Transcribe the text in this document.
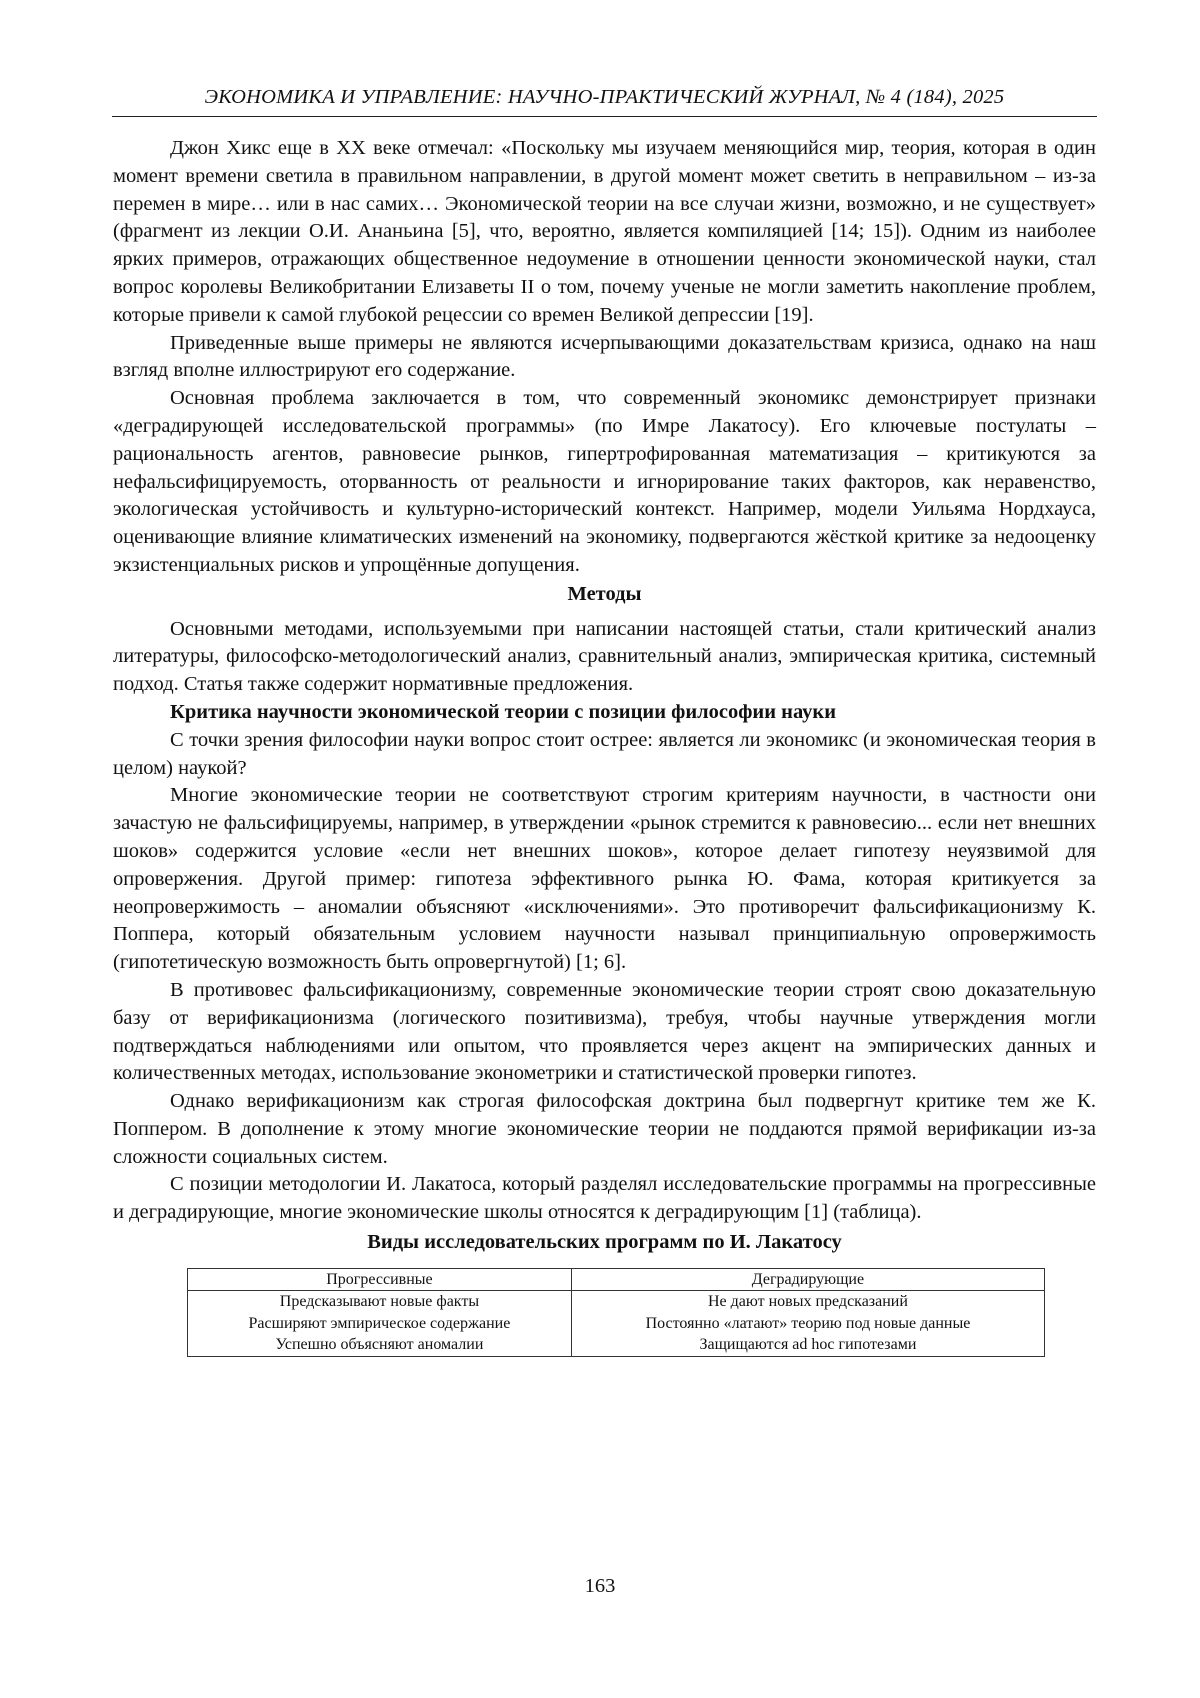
ЭКОНОМИКА И УПРАВЛЕНИЕ: НАУЧНО-ПРАКТИЧЕСКИЙ ЖУРНАЛ, № 4 (184), 2025

Джон Хикс еще в XX веке отмечал: «Поскольку мы изучаем меняющийся мир, теория, ко­торая в один момент времени светила в правильном направлении, в другой момент может све­тить в неправильном – из-за перемен в мире… или в нас самих… Экономической теории на все случаи жизни, возможно, и не существует» (фрагмент из лекции О.И. Ананьина [5], что, веро­ятно, является компиляцией [14; 15]). Одним из наиболее ярких примеров, отражающих обще­ственное недоумение в отношении ценности экономической науки, стал вопрос королевы Ве­ликобритании Елизаветы II о том, почему ученые не могли заметить накопление проблем, ко­торые привели к самой глубокой рецессии со времен Великой депрессии [19].

Приведенные выше примеры не являются исчерпывающими доказательствам кризиса, од­нако на наш взгляд вполне иллюстрируют его содержание.

Основная проблема заключается в том, что современный экономикс демонстрирует при­знаки «деградирующей исследовательской программы» (по Имре Лакатосу). Его ключевые по­стулаты – рациональность агентов, равновесие рынков, гипертрофированная математизация – критикуются за нефальсифицируемость, оторванность от реальности и игнорирование таких факторов, как неравенство, экологическая устойчивость и культурно-исторический контекст. Например, модели Уильяма Нордхауса, оценивающие влияние климатических изменений на экономику, подвергаются жёсткой критике за недооценку экзистенциальных рисков и упро­щённые допущения.

Методы

Основными методами, используемыми при написании настоящей статьи, стали критиче­ский анализ литературы, философско-методологический анализ, сравнительный анализ, эмпи­рическая критика, системный подход. Статья также содержит нормативные предложения.

Критика научности экономической теории с позиции философии науки

С точки зрения философии науки вопрос стоит острее: является ли экономикс (и экономи­ческая теория в целом) наукой?

Многие экономические теории не соответствуют строгим критериям научности, в частно­сти они зачастую не фальсифицируемы, например, в утверждении «рынок стремится к равнове­сию... если нет внешних шоков» содержится условие «если нет внешних шоков», которое дела­ет гипотезу неуязвимой для опровержения. Другой пример: гипотеза эффективного рынка Ю. Фама, которая критикуется за неопровержимость – аномалии объясняют «исключениями». Это противоречит фальсификационизму К. Поппера, который обязательным условием научности называл принципиальную опровержимость (гипотетическую возможность быть опровергнутой) [1; 6].

В противовес фальсификационизму, современные экономические теории строят свою до­казательную базу от верификационизма (логического позитивизма), требуя, чтобы научные утверждения могли подтверждаться наблюдениями или опытом, что проявляется через акцент на эмпирических данных и количественных методах, использование эконометрики и статисти­ческой проверки гипотез.

Однако верификационизм как строгая философская доктрина был подвергнут критике тем же К. Поппером. В дополнение к этому многие экономические теории не поддаются прямой ве­рификации из-за сложности социальных систем.

С позиции методологии И. Лакатоса, который разделял исследовательские программы на прогрессивные и деградирующие, многие экономические школы относятся к деградирующим [1] (таблица).

Виды исследовательских программ по И. Лакатосу
Прогрессивные	Деградирующие
Предсказывают новые факты	Не дают новых предсказаний
Расширяют эмпирическое содержание	Постоянно «латают» теорию под новые данные
Успешно объясняют аномалии	Защищаются ad hoc гипотезами
163
